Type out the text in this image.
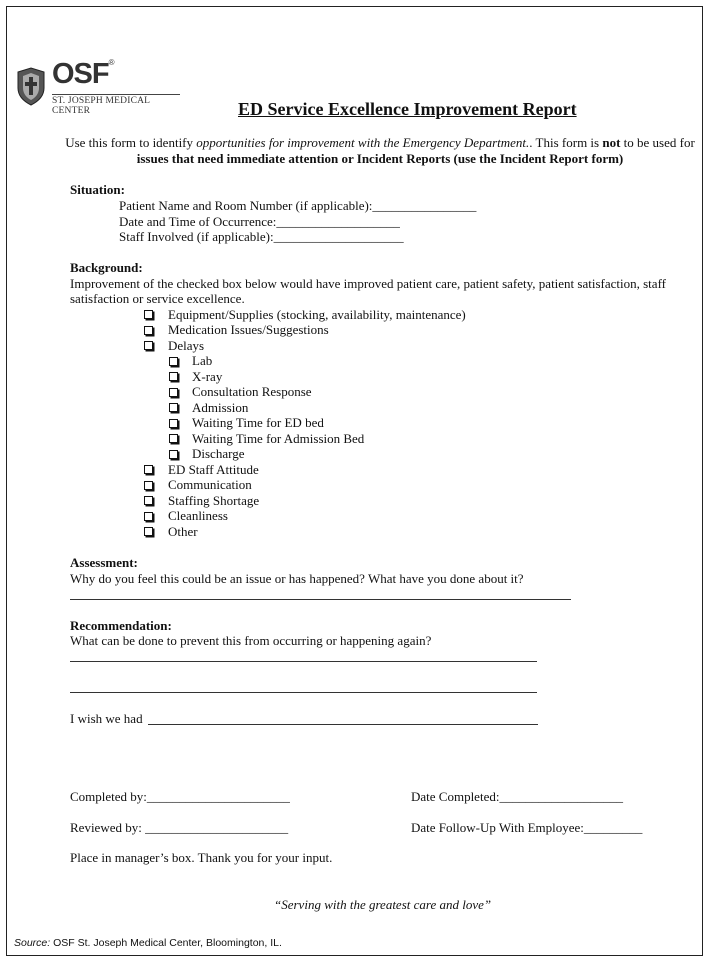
OSF®
ST. JOSEPH MEDICAL CENTER	ED Service Excellence Improvement Report
Use this form to identify opportunities for improvement with the Emergency Department.. This form is not to be used for issues that need immediate attention or Incident Reports (use the Incident Report form)
Situation:
Patient Name and Room Number (if applicable):________________
Date and Time of Occurrence:___________________
Staff Involved (if applicable):____________________
Background:
Improvement of the checked box below would have improved patient care, patient safety, patient satisfaction, staff
satisfaction or service excellence.
Equipment/Supplies (stocking, availability, maintenance)
Medication Issues/Suggestions
Delays
Lab
X-ray
Consultation Response
Admission
Waiting Time for ED bed
Waiting Time for Admission Bed
Discharge
ED Staff Attitude
Communication
Staffing Shortage
Cleanliness
Other
Assessment:
Why do you feel this could be an issue or has happened? What have you done about it?
Recommendation:
What can be done to prevent this from occurring or happening again?
I wish we had
Completed by:______________________	Date Completed:___________________
Reviewed by: ______________________	Date Follow-Up With Employee:_________
Place in manager’s box. Thank you for your input.
“Serving with the greatest care and love”
Source: OSF St. Joseph Medical Center, Bloomington, IL.
